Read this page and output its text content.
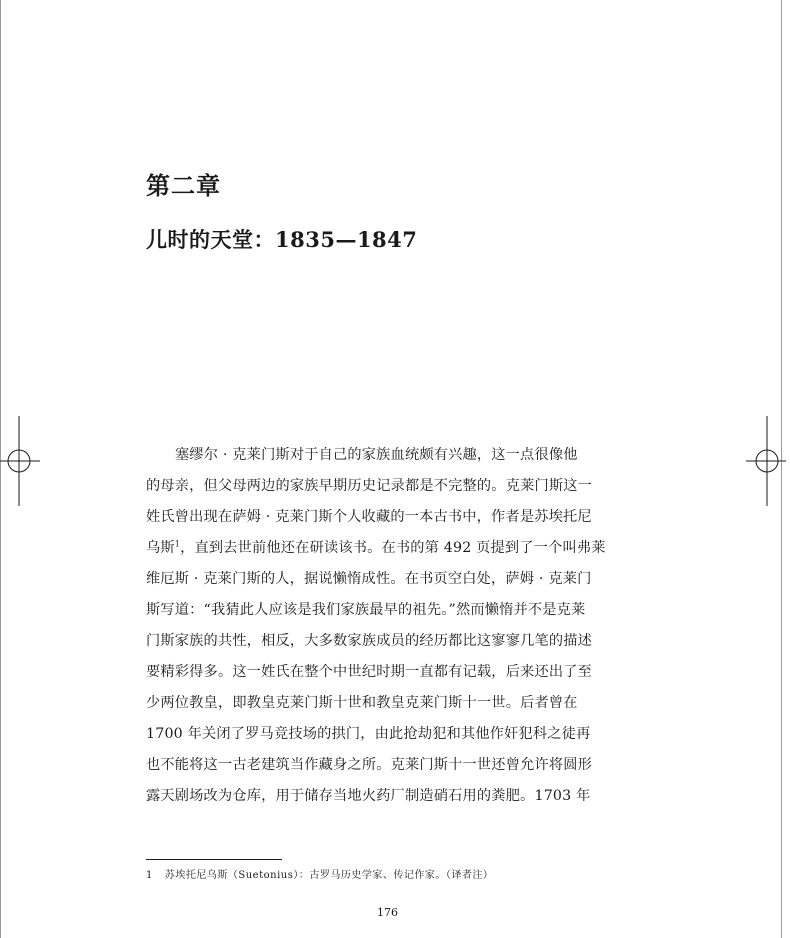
第二章
儿时的天堂：1835—1847
塞缪尔 · 克莱门斯对于自己的家族血统颇有兴趣，这一点很像他
的母亲，但父母两边的家族早期历史记录都是不完整的。克莱门斯这一
姓氏曾出现在萨姆 · 克莱门斯个人收藏的一本古书中，作者是苏埃托尼
乌斯$^1$，直到去世前他还在研读该书。在书的第 492 页提到了一个叫弗莱
维厄斯 · 克莱门斯的人，据说懒惰成性。在书页空白处，萨姆 · 克莱门
斯写道：“我猜此人应该是我们家族最早的祖先。”然而懒惰并不是克莱
门斯家族的共性，相反，大多数家族成员的经历都比这寥寥几笔的描述
要精彩得多。这一姓氏在整个中世纪时期一直都有记载，后来还出了至
少两位教皇，即教皇克莱门斯十世和教皇克莱门斯十一世。后者曾在
1700 年关闭了罗马竞技场的拱门，由此抢劫犯和其他作奸犯科之徒再
也不能将这一古老建筑当作藏身之所。克莱门斯十一世还曾允许将圆形
露天剧场改为仓库，用于储存当地火药厂制造硝石用的粪肥。1703 年
1 苏埃托尼乌斯（Suetonius）：古罗马历史学家、传记作家。（译者注）
176
